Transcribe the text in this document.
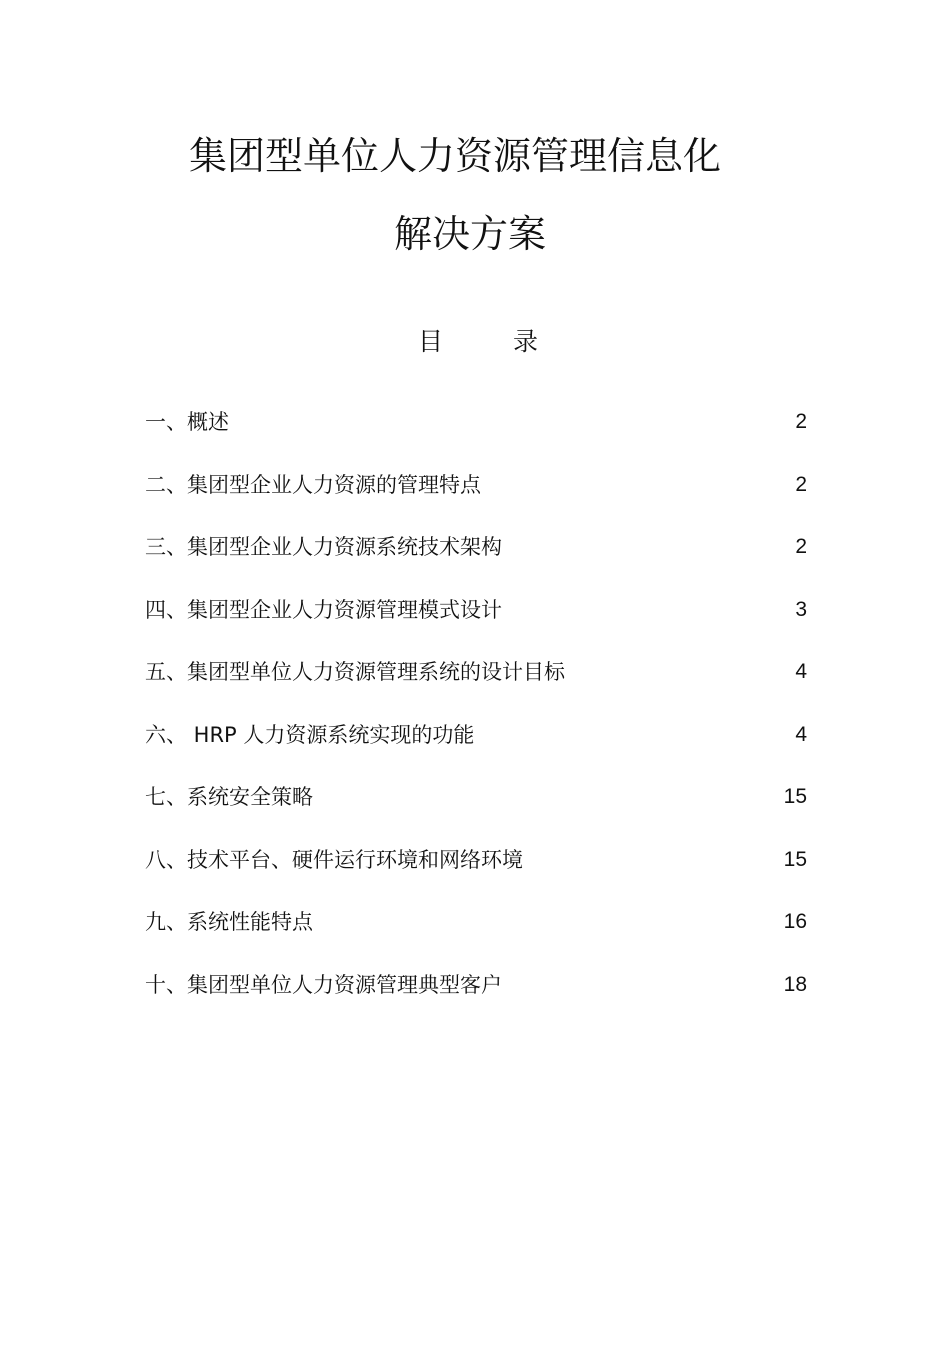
集团型单位人力资源管理信息化
解决方案
目	录
一、概述	2
二、集团型企业人力资源的管理特点	2
三、集团型企业人力资源系统技术架构	2
四、集团型企业人力资源管理模式设计	3
五、集团型单位人力资源管理系统的设计目标	4
六、 HRP 人力资源系统实现的功能	4
七、系统安全策略	15
八、技术平台、硬件运行环境和网络环境	15
九、系统性能特点	16
十、集团型单位人力资源管理典型客户	18
